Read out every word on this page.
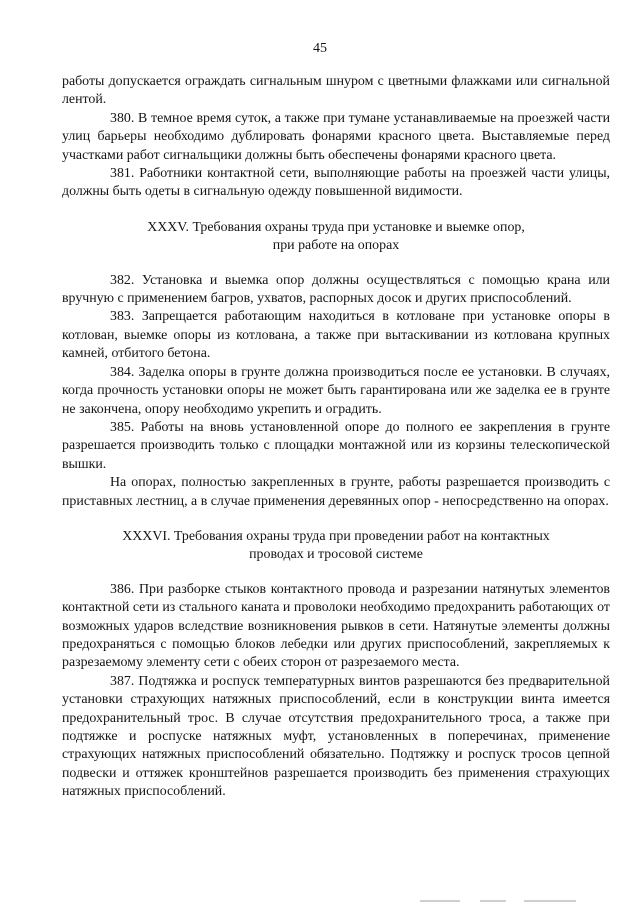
45

работы допускается ограждать сигнальным шнуром с цветными флажками или сигнальной лентой.

380. В темное время суток, а также при тумане устанавливаемые на проезжей части улиц барьеры необходимо дублировать фонарями красного цвета. Выставляемые перед участками работ сигнальщики должны быть обеспечены фонарями красного цвета.

381. Работники контактной сети, выполняющие работы на проезжей части улицы, должны быть одеты в сигнальную одежду повышенной видимости.

XXXV. Требования охраны труда при установке и выемке опор,
при работе на опорах

382. Установка и выемка опор должны осуществляться с помощью крана или вручную с применением багров, ухватов, распорных досок и других приспособлений.

383. Запрещается работающим находиться в котловане при установке опоры в котлован, выемке опоры из котлована, а также при вытаскивании из котлована крупных камней, отбитого бетона.

384. Заделка опоры в грунте должна производиться после ее установки. В случаях, когда прочность установки опоры не может быть гарантирована или же заделка ее в грунте не закончена, опору необходимо укрепить и оградить.

385. Работы на вновь установленной опоре до полного ее закрепления в грунте разрешается производить только с площадки монтажной или из корзины телескопической вышки.

На опорах, полностью закрепленных в грунте, работы разрешается производить с приставных лестниц, а в случае применения деревянных опор - непосредственно на опорах.

XXXVI. Требования охраны труда при проведении работ на контактных
проводах и тросовой системе

386. При разборке стыков контактного провода и разрезании натянутых элементов контактной сети из стального каната и проволоки необходимо предохранить работающих от возможных ударов вследствие возникновения рывков в сети. Натянутые элементы должны предохраняться с помощью блоков лебедки или других приспособлений, закрепляемых к разрезаемому элементу сети с обеих сторон от разрезаемого места.

387. Подтяжка и роспуск температурных винтов разрешаются без предварительной установки страхующих натяжных приспособлений, если в конструкции винта имеется предохранительный трос. В случае отсутствия предохранительного троса, а также при подтяжке и роспуске натяжных муфт, установленных в поперечинах, применение страхующих натяжных приспособлений обязательно. Подтяжку и роспуск тросов цепной подвески и оттяжек кронштейнов разрешается производить без применения страхующих натяжных приспособлений.
